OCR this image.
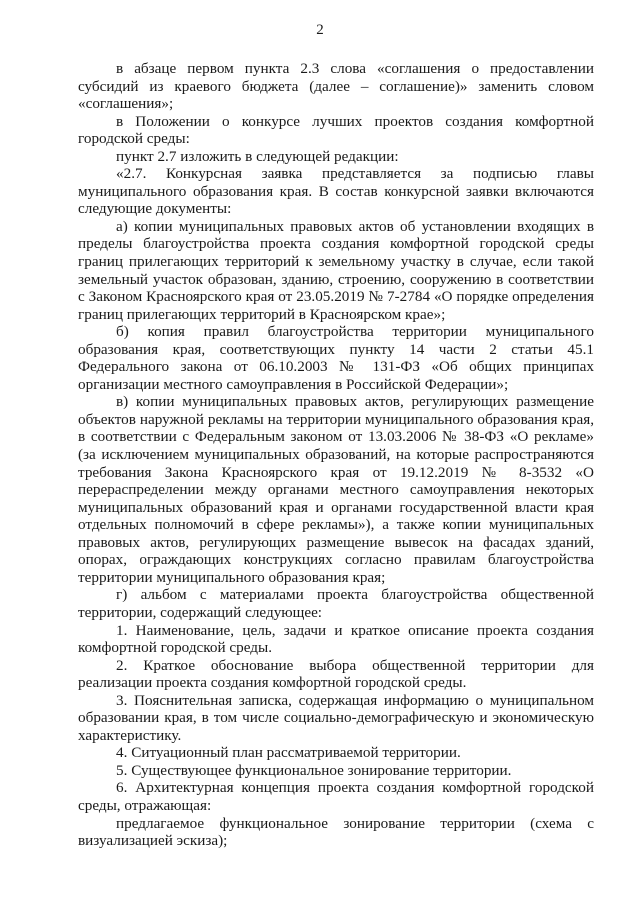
2

в абзаце первом пункта 2.3 слова «соглашения о предоставлении субсидий из краевого бюджета (далее – соглашение)» заменить словом «соглашения»;

в Положении о конкурсе лучших проектов создания комфортной городской среды:

пункт 2.7 изложить в следующей редакции:

«2.7. Конкурсная заявка представляется за подписью главы муниципального образования края. В состав конкурсной заявки включаются следующие документы:

а) копии муниципальных правовых актов об установлении входящих в пределы благоустройства проекта создания комфортной городской среды границ прилегающих территорий к земельному участку в случае, если такой земельный участок образован, зданию, строению, сооружению в соответствии с Законом Красноярского края от 23.05.2019 № 7-2784 «О порядке определения границ прилегающих территорий в Красноярском крае»;

б) копия правил благоустройства территории муниципального образования края, соответствующих пункту 14 части 2 статьи 45.1 Федерального закона от 06.10.2003 № 131-ФЗ «Об общих принципах организации местного самоуправления в Российской Федерации»;

в) копии муниципальных правовых актов, регулирующих размещение объектов наружной рекламы на территории муниципального образования края, в соответствии с Федеральным законом от 13.03.2006 № 38-ФЗ «О рекламе» (за исключением муниципальных образований, на которые распространяются требования Закона Красноярского края от 19.12.2019 № 8-3532 «О перераспределении между органами местного самоуправления некоторых муниципальных образований края и органами государственной власти края отдельных полномочий в сфере рекламы»), а также копии муниципальных правовых актов, регулирующих размещение вывесок на фасадах зданий, опорах, ограждающих конструкциях согласно правилам благоустройства территории муниципального образования края;

г) альбом с материалами проекта благоустройства общественной территории, содержащий следующее:

1. Наименование, цель, задачи и краткое описание проекта создания комфортной городской среды.

2. Краткое обоснование выбора общественной территории для реализации проекта создания комфортной городской среды.

3. Пояснительная записка, содержащая информацию о муниципальном образовании края, в том числе социально-демографическую и экономическую характеристику.

4. Ситуационный план рассматриваемой территории.

5. Существующее функциональное зонирование территории.

6. Архитектурная концепция проекта создания комфортной городской среды, отражающая:

предлагаемое функциональное зонирование территории (схема с визуализацией эскиза);
